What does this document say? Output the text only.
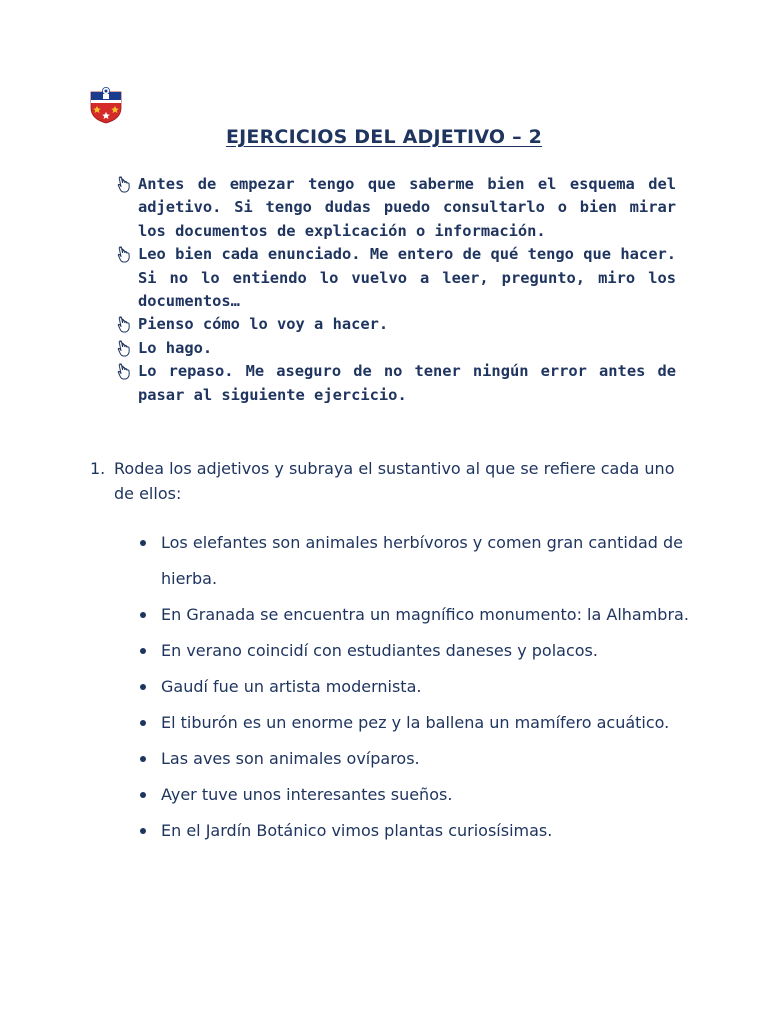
EJERCICIOS DEL ADJETIVO – 2
Antes de empezar tengo que saberme bien el esquema del adjetivo. Si tengo dudas puedo consultarlo o bien mirar los documentos de explicación o información.
Leo bien cada enunciado. Me entero de qué tengo que hacer. Si no lo entiendo lo vuelvo a leer, pregunto, miro los documentos…
Pienso cómo lo voy a hacer.
Lo hago.
Lo repaso. Me aseguro de no tener ningún error antes de pasar al siguiente ejercicio.
1. Rodea los adjetivos y subraya el sustantivo al que se refiere cada uno de ellos:
Los elefantes son animales herbívoros y comen gran cantidad de hierba.
En Granada se encuentra un magnífico monumento: la Alhambra.
En verano coincidí con estudiantes daneses y polacos.
Gaudí fue un artista modernista.
El tiburón es un enorme pez y la ballena un mamífero acuático.
Las aves son animales ovíparos.
Ayer tuve unos interesantes sueños.
En el Jardín Botánico vimos plantas curiosísimas.
